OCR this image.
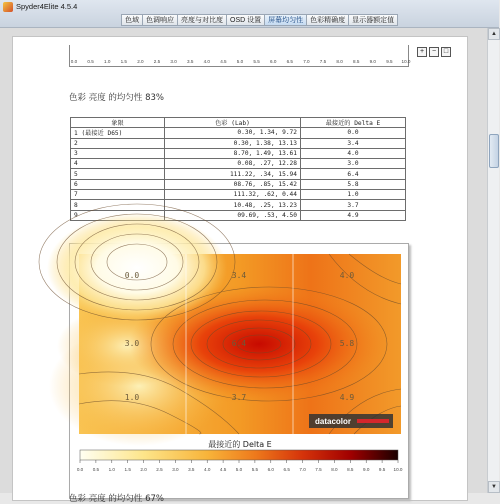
Spyder4Elite 4.5.4
色域	色调响应	亮度与对比度	OSD 设置	屏幕均匀性	色彩精确度	显示器额定值
0.0 0.5 1.0 1.5 2.0 2.5 3.0 3.5 4.0 4.5 5.0 5.5 6.0 6.5 7.0 7.5 8.0 8.5 9.0 9.5 10.0
+	−	□
色彩 亮度 的均匀性 83%
象限	色彩 (Lab)	最接近的 Delta E
1 (最接近 D65)	0.30, 1.34, 9.72	0.0
2	0.30, 1.38, 13.13	3.4
3	8.70, 1.49, 13.61	4.0
4	0.08, .27, 12.28	3.0
5	111.22, .34, 15.94	6.4
6	08.76, .85, 15.42	5.8
7	111.32, .62, 0.44	1.0
8	10.48, .25, 13.23	3.7
9	09.69, .53, 4.50	4.9
0.0	3.4	4.0
3.0	6.4	5.8
1.0	3.7	4.9
datacolor
最接近的 Delta E
0.0 0.5 1.0 1.5 2.0 2.5 3.0 3.5 4.0 4.5 5.0 5.5 6.0 6.5 7.0 7.5 8.0 8.5 9.0 9.5 10.0
色彩 亮度 的均匀性 67%
▲
▼
